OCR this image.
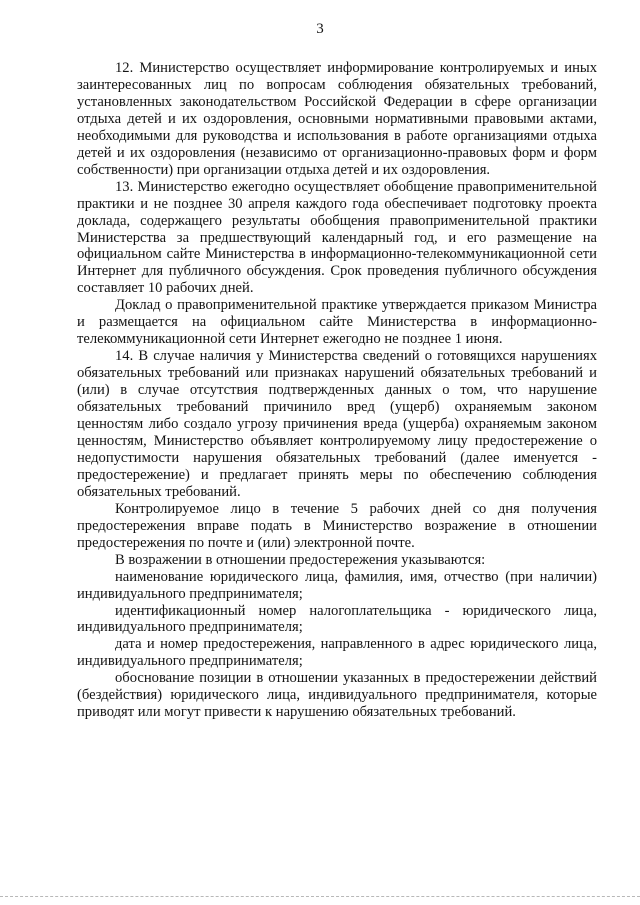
3

12. Министерство осуществляет информирование контролируемых и иных заинтересованных лиц по вопросам соблюдения обязательных требований, установленных законодательством Российской Федерации в сфере организации отдыха детей и их оздоровления, основными нормативными правовыми актами, необходимыми для руководства и использования в работе организациями отдыха детей и их оздоровления (независимо от организационно-правовых форм и форм собственности) при организации отдыха детей и их оздоровления.

13. Министерство ежегодно осуществляет обобщение правоприменительной практики и не позднее 30 апреля каждого года обеспечивает подготовку проекта доклада, содержащего результаты обобщения правоприменительной практики Министерства за предшествующий календарный год, и его размещение на официальном сайте Министерства в информационно-телекоммуникационной сети Интернет для публичного обсуждения. Срок проведения публичного обсуждения составляет 10 рабочих дней.

Доклад о правоприменительной практике утверждается приказом Министра и размещается на официальном сайте Министерства в информационно-телекоммуникационной сети Интернет ежегодно не позднее 1 июня.

14. В случае наличия у Министерства сведений о готовящихся нарушениях обязательных требований или признаках нарушений обязательных требований и (или) в случае отсутствия подтвержденных данных о том, что нарушение обязательных требований причинило вред (ущерб) охраняемым законом ценностям либо создало угрозу причинения вреда (ущерба) охраняемым законом ценностям, Министерство объявляет контролируемому лицу предостережение о недопустимости нарушения обязательных требований (далее именуется - предостережение) и предлагает принять меры по обеспечению соблюдения обязательных требований.

Контролируемое лицо в течение 5 рабочих дней со дня получения предостережения вправе подать в Министерство возражение в отношении предостережения по почте и (или) электронной почте.

В возражении в отношении предостережения указываются:

наименование юридического лица, фамилия, имя, отчество (при наличии) индивидуального предпринимателя;

идентификационный номер налогоплательщика - юридического лица, индивидуального предпринимателя;

дата и номер предостережения, направленного в адрес юридического лица, индивидуального предпринимателя;

обоснование позиции в отношении указанных в предостережении действий (бездействия) юридического лица, индивидуального предпринимателя, которые приводят или могут привести к нарушению обязательных требований.
